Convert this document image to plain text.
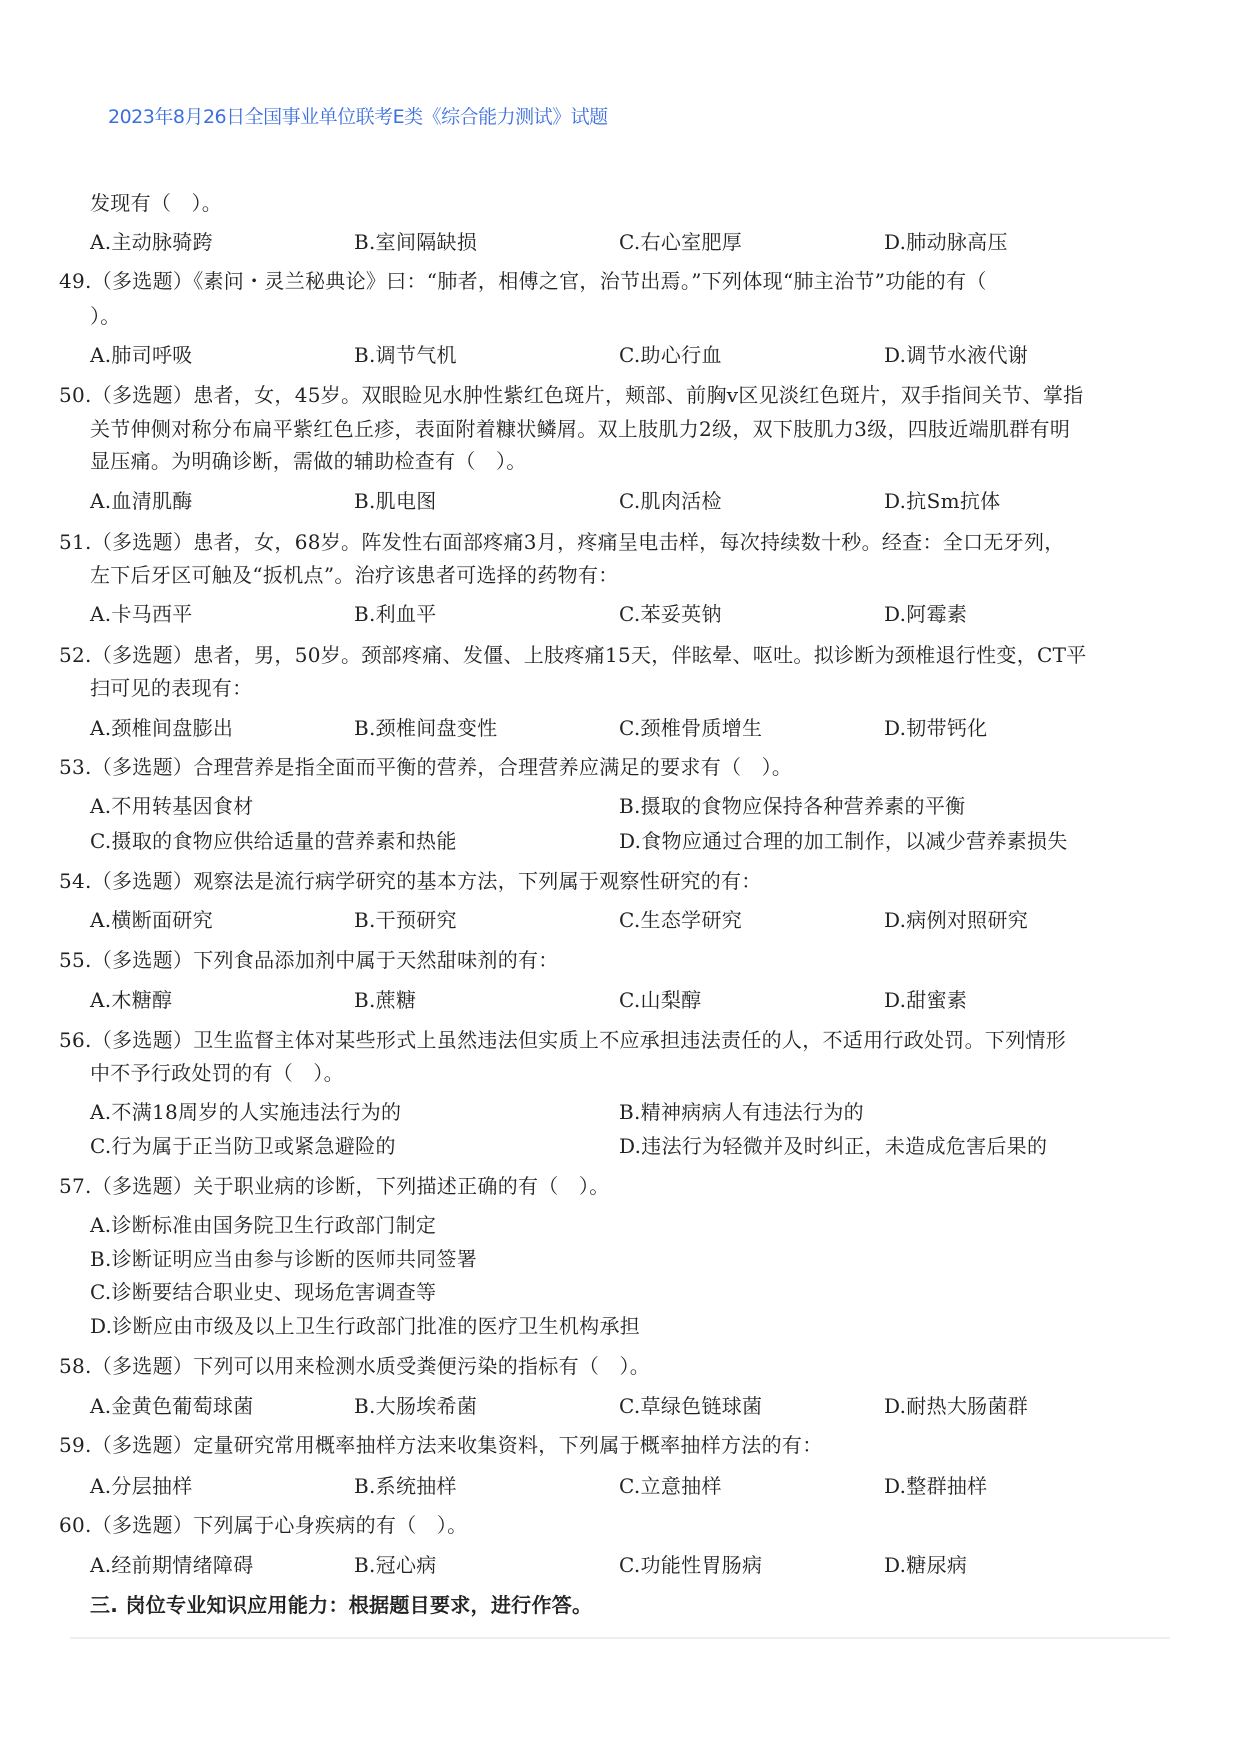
2023年8月26日全国事业单位联考E类《综合能力测试》试题
发现有（　）。
A.主动脉骑跨	B.室间隔缺损	C.右心室肥厚	D.肺动脉高压
49.（多选题）《素问・灵兰秘典论》曰：“肺者，相傅之官，治节出焉。”下列体现“肺主治节”功能的有（
）。
A.肺司呼吸	B.调节气机	C.助心行血	D.调节水液代谢
50.（多选题）患者，女，45岁。双眼睑见水肿性紫红色斑片，颊部、前胸v区见淡红色斑片，双手指间关节、掌指
关节伸侧对称分布扁平紫红色丘疹，表面附着糠状鳞屑。双上肢肌力2级，双下肢肌力3级，四肢近端肌群有明
显压痛。为明确诊断，需做的辅助检查有（　）。
A.血清肌酶	B.肌电图	C.肌肉活检	D.抗Sm抗体
51.（多选题）患者，女，68岁。阵发性右面部疼痛3月，疼痛呈电击样，每次持续数十秒。经查：全口无牙列，
左下后牙区可触及“扳机点”。治疗该患者可选择的药物有：
A.卡马西平	B.利血平	C.苯妥英钠	D.阿霉素
52.（多选题）患者，男，50岁。颈部疼痛、发僵、上肢疼痛15天，伴眩晕、呕吐。拟诊断为颈椎退行性变，CT平
扫可见的表现有：
A.颈椎间盘膨出	B.颈椎间盘变性	C.颈椎骨质增生	D.韧带钙化
53.（多选题）合理营养是指全面而平衡的营养，合理营养应满足的要求有（　）。
A.不用转基因食材	B.摄取的食物应保持各种营养素的平衡
C.摄取的食物应供给适量的营养素和热能	D.食物应通过合理的加工制作，以减少营养素损失
54.（多选题）观察法是流行病学研究的基本方法，下列属于观察性研究的有：
A.横断面研究	B.干预研究	C.生态学研究	D.病例对照研究
55.（多选题）下列食品添加剂中属于天然甜味剂的有：
A.木糖醇	B.蔗糖	C.山梨醇	D.甜蜜素
56.（多选题）卫生监督主体对某些形式上虽然违法但实质上不应承担违法责任的人，不适用行政处罚。下列情形
中不予行政处罚的有（　）。
A.不满18周岁的人实施违法行为的	B.精神病病人有违法行为的
C.行为属于正当防卫或紧急避险的	D.违法行为轻微并及时纠正，未造成危害后果的
57.（多选题）关于职业病的诊断，下列描述正确的有（　）。
A.诊断标准由国务院卫生行政部门制定
B.诊断证明应当由参与诊断的医师共同签署
C.诊断要结合职业史、现场危害调查等
D.诊断应由市级及以上卫生行政部门批准的医疗卫生机构承担
58.（多选题）下列可以用来检测水质受粪便污染的指标有（　）。
A.金黄色葡萄球菌	B.大肠埃希菌	C.草绿色链球菌	D.耐热大肠菌群
59.（多选题）定量研究常用概率抽样方法来收集资料，下列属于概率抽样方法的有：
A.分层抽样	B.系统抽样	C.立意抽样	D.整群抽样
60.（多选题）下列属于心身疾病的有（　）。
A.经前期情绪障碍	B.冠心病	C.功能性胃肠病	D.糖尿病
三. 岗位专业知识应用能力：根据题目要求，进行作答。
